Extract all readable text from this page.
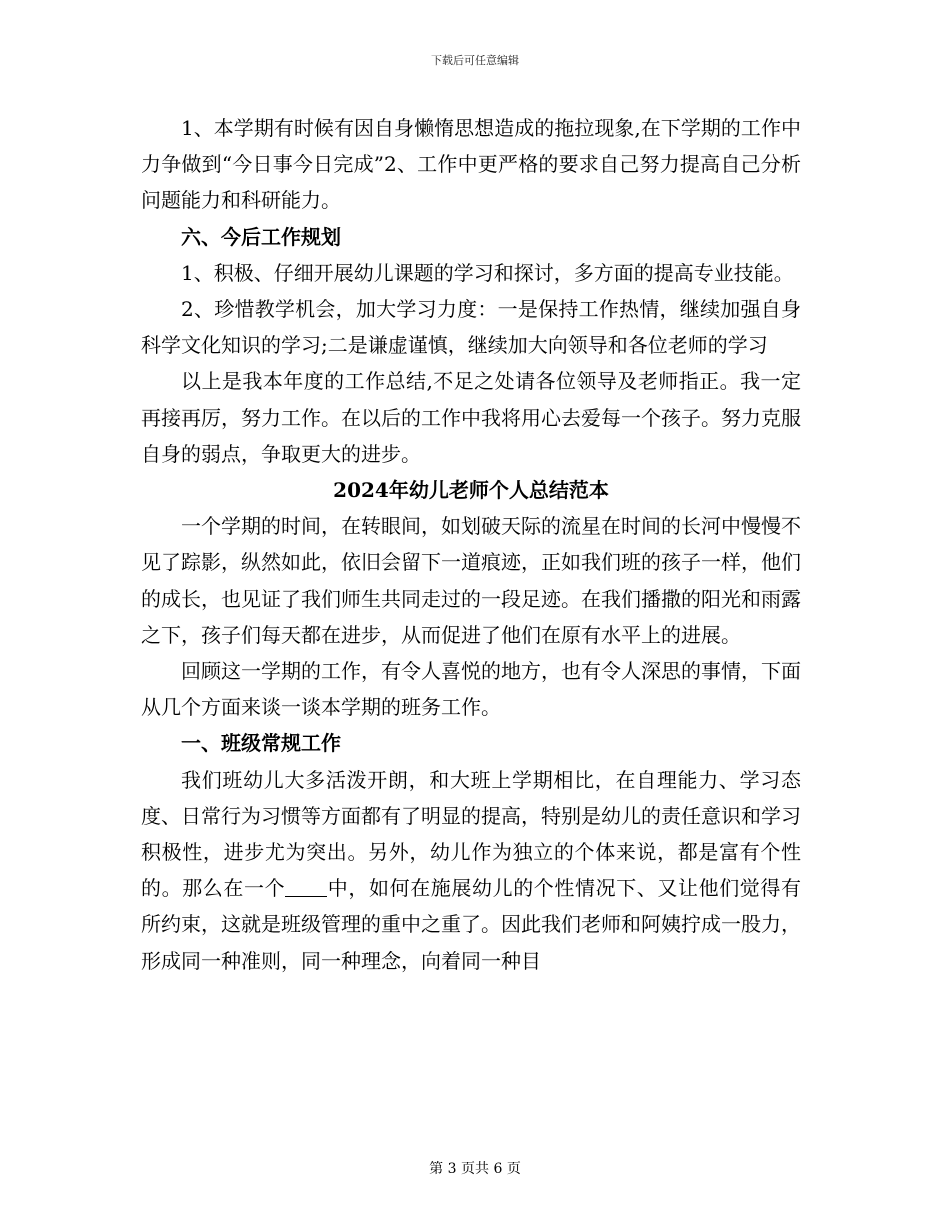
下载后可任意编辑

1、本学期有时候有因自身懒惰思想造成的拖拉现象,在下学期的工作中力争做到“今日事今日完成”2、工作中更严格的要求自己努力提高自己分析问题能力和科研能力。

六、今后工作规划

1、积极、仔细开展幼儿课题的学习和探讨，多方面的提高专业技能。

2、珍惜教学机会，加大学习力度：一是保持工作热情，继续加强自身科学文化知识的学习;二是谦虚谨慎，继续加大向领导和各位老师的学习

以上是我本年度的工作总结,不足之处请各位领导及老师指正。我一定再接再厉，努力工作。在以后的工作中我将用心去爱每一个孩子。努力克服自身的弱点，争取更大的进步。

2024年幼儿老师个人总结范本

一个学期的时间，在转眼间，如划破天际的流星在时间的长河中慢慢不见了踪影，纵然如此，依旧会留下一道痕迹，正如我们班的孩子一样，他们的成长，也见证了我们师生共同走过的一段足迹。在我们播撒的阳光和雨露之下，孩子们每天都在进步，从而促进了他们在原有水平上的进展。

回顾这一学期的工作，有令人喜悦的地方，也有令人深思的事情，下面从几个方面来谈一谈本学期的班务工作。

一、班级常规工作

我们班幼儿大多活泼开朗，和大班上学期相比，在自理能力、学习态度、日常行为习惯等方面都有了明显的提高，特别是幼儿的责任意识和学习积极性，进步尤为突出。另外，幼儿作为独立的个体来说，都是富有个性的。那么在一个 中，如何在施展幼儿的个性情况下、又让他们觉得有所约束，这就是班级管理的重中之重了。因此我们老师和阿姨拧成一股力，形成同一种准则，同一种理念，向着同一种目

第 3 页共 6 页
